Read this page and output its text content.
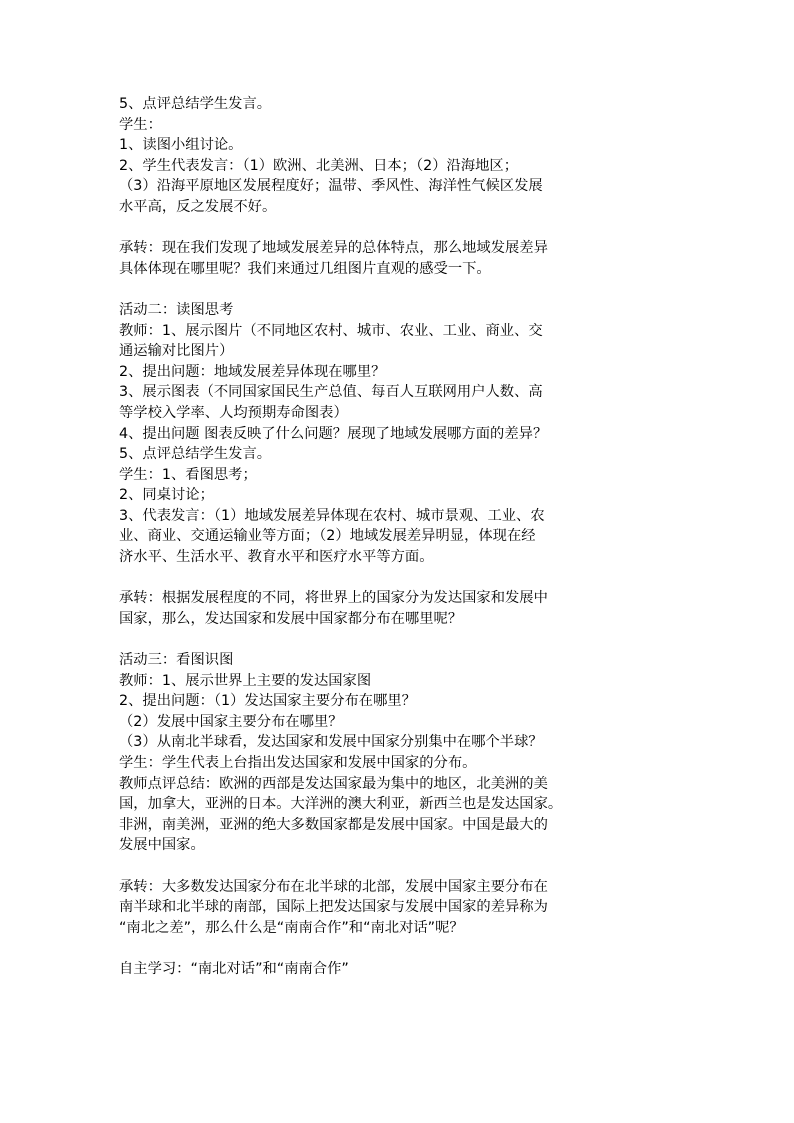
5、点评总结学生发言。
学生：
1、读图小组讨论。
2、学生代表发言：（1）欧洲、北美洲、日本；（2）沿海地区；
（3）沿海平原地区发展程度好；温带、季风性、海洋性气候区发展
水平高，反之发展不好。
承转：现在我们发现了地域发展差异的总体特点，那么地域发展差异
具体体现在哪里呢？我们来通过几组图片直观的感受一下。
活动二：读图思考
教师：1、展示图片（不同地区农村、城市、农业、工业、商业、交
通运输对比图片）
2、提出问题：地域发展差异体现在哪里？
3、展示图表（不同国家国民生产总值、每百人互联网用户人数、高
等学校入学率、人均预期寿命图表）
4、提出问题 图表反映了什么问题？展现了地域发展哪方面的差异？
5、点评总结学生发言。
学生：1、看图思考；
2、同桌讨论；
3、代表发言：（1）地域发展差异体现在农村、城市景观、工业、农
业、商业、交通运输业等方面；（2）地域发展差异明显，体现在经
济水平、生活水平、教育水平和医疗水平等方面。
承转：根据发展程度的不同，将世界上的国家分为发达国家和发展中
国家，那么，发达国家和发展中国家都分布在哪里呢？
活动三：看图识图
教师：1、展示世界上主要的发达国家图
2、提出问题：（1）发达国家主要分布在哪里？
（2）发展中国家主要分布在哪里？
（3）从南北半球看，发达国家和发展中国家分别集中在哪个半球？
学生：学生代表上台指出发达国家和发展中国家的分布。
教师点评总结：欧洲的西部是发达国家最为集中的地区，北美洲的美
国，加拿大，亚洲的日本。大洋洲的澳大利亚，新西兰也是发达国家。
非洲，南美洲，亚洲的绝大多数国家都是发展中国家。中国是最大的
发展中国家。
承转：大多数发达国家分布在北半球的北部，发展中国家主要分布在
南半球和北半球的南部，国际上把发达国家与发展中国家的差异称为
“南北之差”，那么什么是“南南合作”和“南北对话”呢？
自主学习：“南北对话”和“南南合作”
